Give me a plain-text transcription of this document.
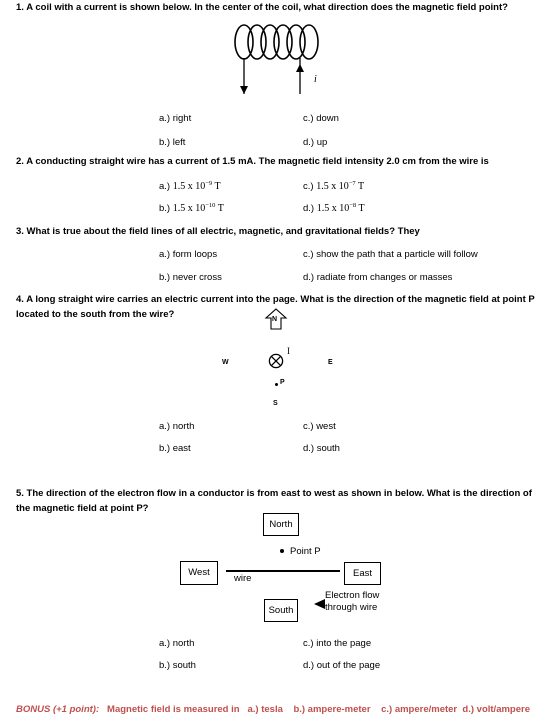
1. A coil with a current is shown below. In the center of the coil, what direction does the magnetic field point?
i
a.) right
b.) left
c.) down
d.) up
2. A conducting straight wire has a current of 1.5 mA. The magnetic field intensity 2.0 cm from the wire is
a.) 1.5 x $10^{-9}$ T
b.) 1.5 x $10^{-10}$ T
c.) 1.5 x $10^{-7}$ T
d.) 1.5 x $10^{-8}$ T
3. What is true about the field lines of all electric, magnetic, and gravitational fields? They
a.) form loops
b.) never cross
c.) show the path that a particle will follow
d.) radiate from changes or masses
4. A long straight wire carries an electric current into the page. What is the direction of the magnetic field at point P
located to the south from the wire?	N
W	E
S
I
P
a.) north
b.) east
c.) west
d.) south
5. The direction of the electron flow in a conductor is from east to west as shown in below. What is the direction of
the magnetic field at point P?
North
Point P
West	East
wire
South
Electron flow
through wire
a.) north
b.) south
c.) into the page
d.) out of the page
BONUS (+1 point): Magnetic field is measured in a.) tesla b.) ampere-meter c.) ampere/meter d.) volt/ampere
